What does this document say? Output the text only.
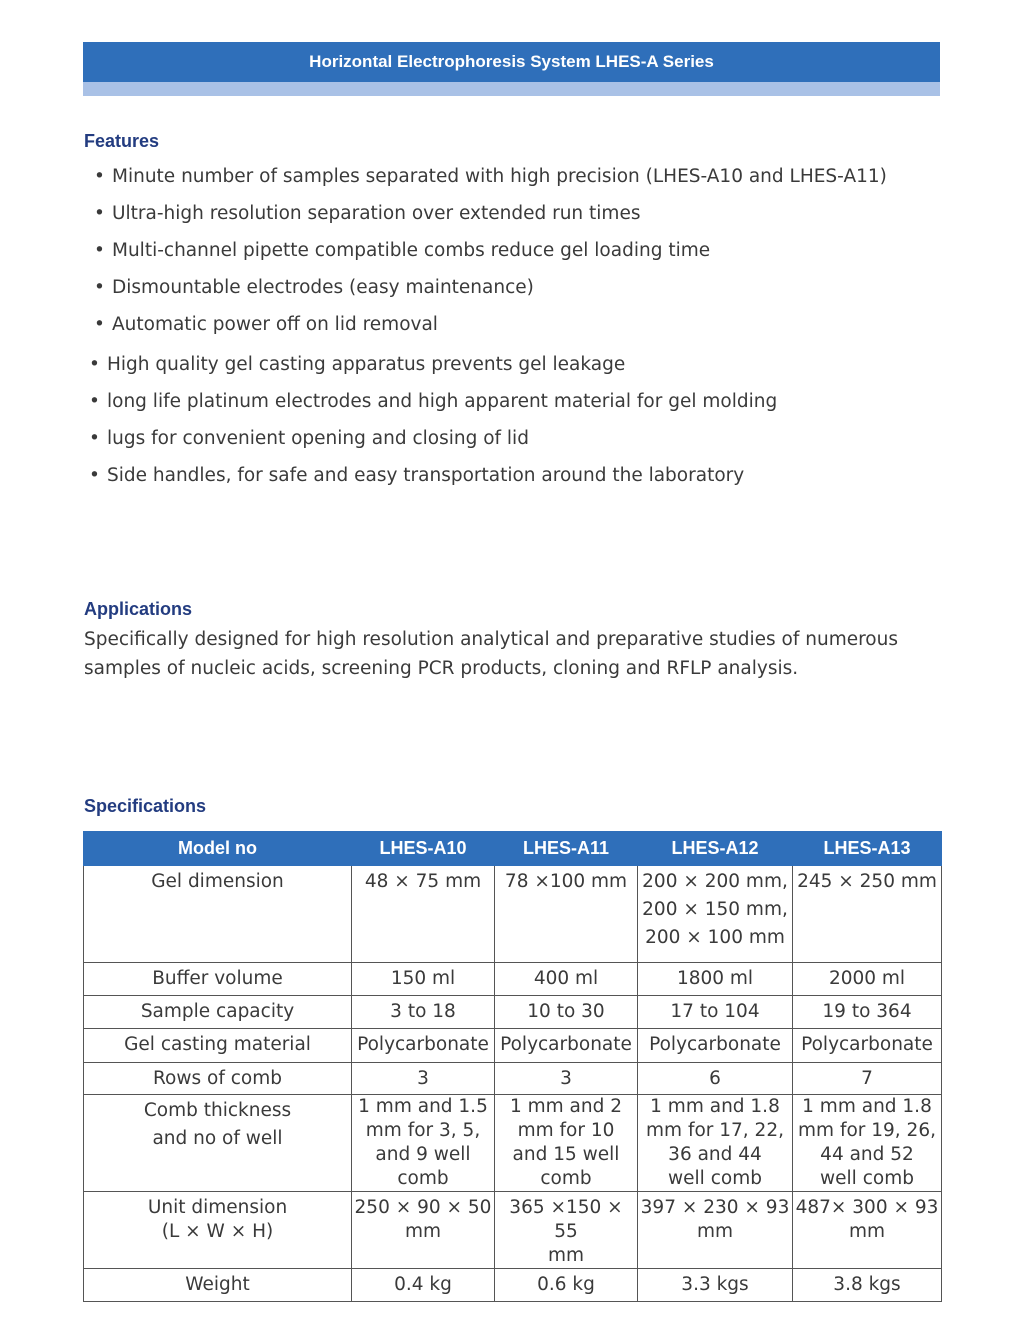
Horizontal Electrophoresis System LHES-A Series
Features
• Minute number of samples separated with high precision (LHES-A10 and LHES-A11)
• Ultra-high resolution separation over extended run times
• Multi-channel pipette compatible combs reduce gel loading time
• Dismountable electrodes (easy maintenance)
• Automatic power off on lid removal
• High quality gel casting apparatus prevents gel leakage
• long life platinum electrodes and high apparent material for gel molding
• lugs for convenient opening and closing of lid
• Side handles, for safe and easy transportation around the laboratory
Applications
Specifically designed for high resolution analytical and preparative studies of numerous samples of nucleic acids, screening PCR products, cloning and RFLP analysis.
Specifications
Model no	LHES-A10	LHES-A11	LHES-A12	LHES-A13
Gel dimension	48 × 75 mm	78 ×100 mm	200 × 200 mm,
200 × 150 mm,
200 × 100 mm	245 × 250 mm
Buffer volume	150 ml	400 ml	1800 ml	2000 ml
Sample capacity	3 to 18	10 to 30	17 to 104	19 to 364
Gel casting material	Polycarbonate	Polycarbonate	Polycarbonate	Polycarbonate
Rows of comb	3	3	6	7
Comb thickness
and no of well	1 mm and 1.5
mm for 3, 5,
and 9 well
comb	1 mm and 2
mm for 10
and 15 well
comb	1 mm and 1.8
mm for 17, 22,
36 and 44
well comb	1 mm and 1.8
mm for 19, 26,
44 and 52
well comb
Unit dimension
(L × W × H)	250 × 90 × 50
mm	365 ×150 × 55
mm	397 × 230 × 93
mm	487× 300 × 93
mm
Weight	0.4 kg	0.6 kg	3.3 kgs	3.8 kgs
